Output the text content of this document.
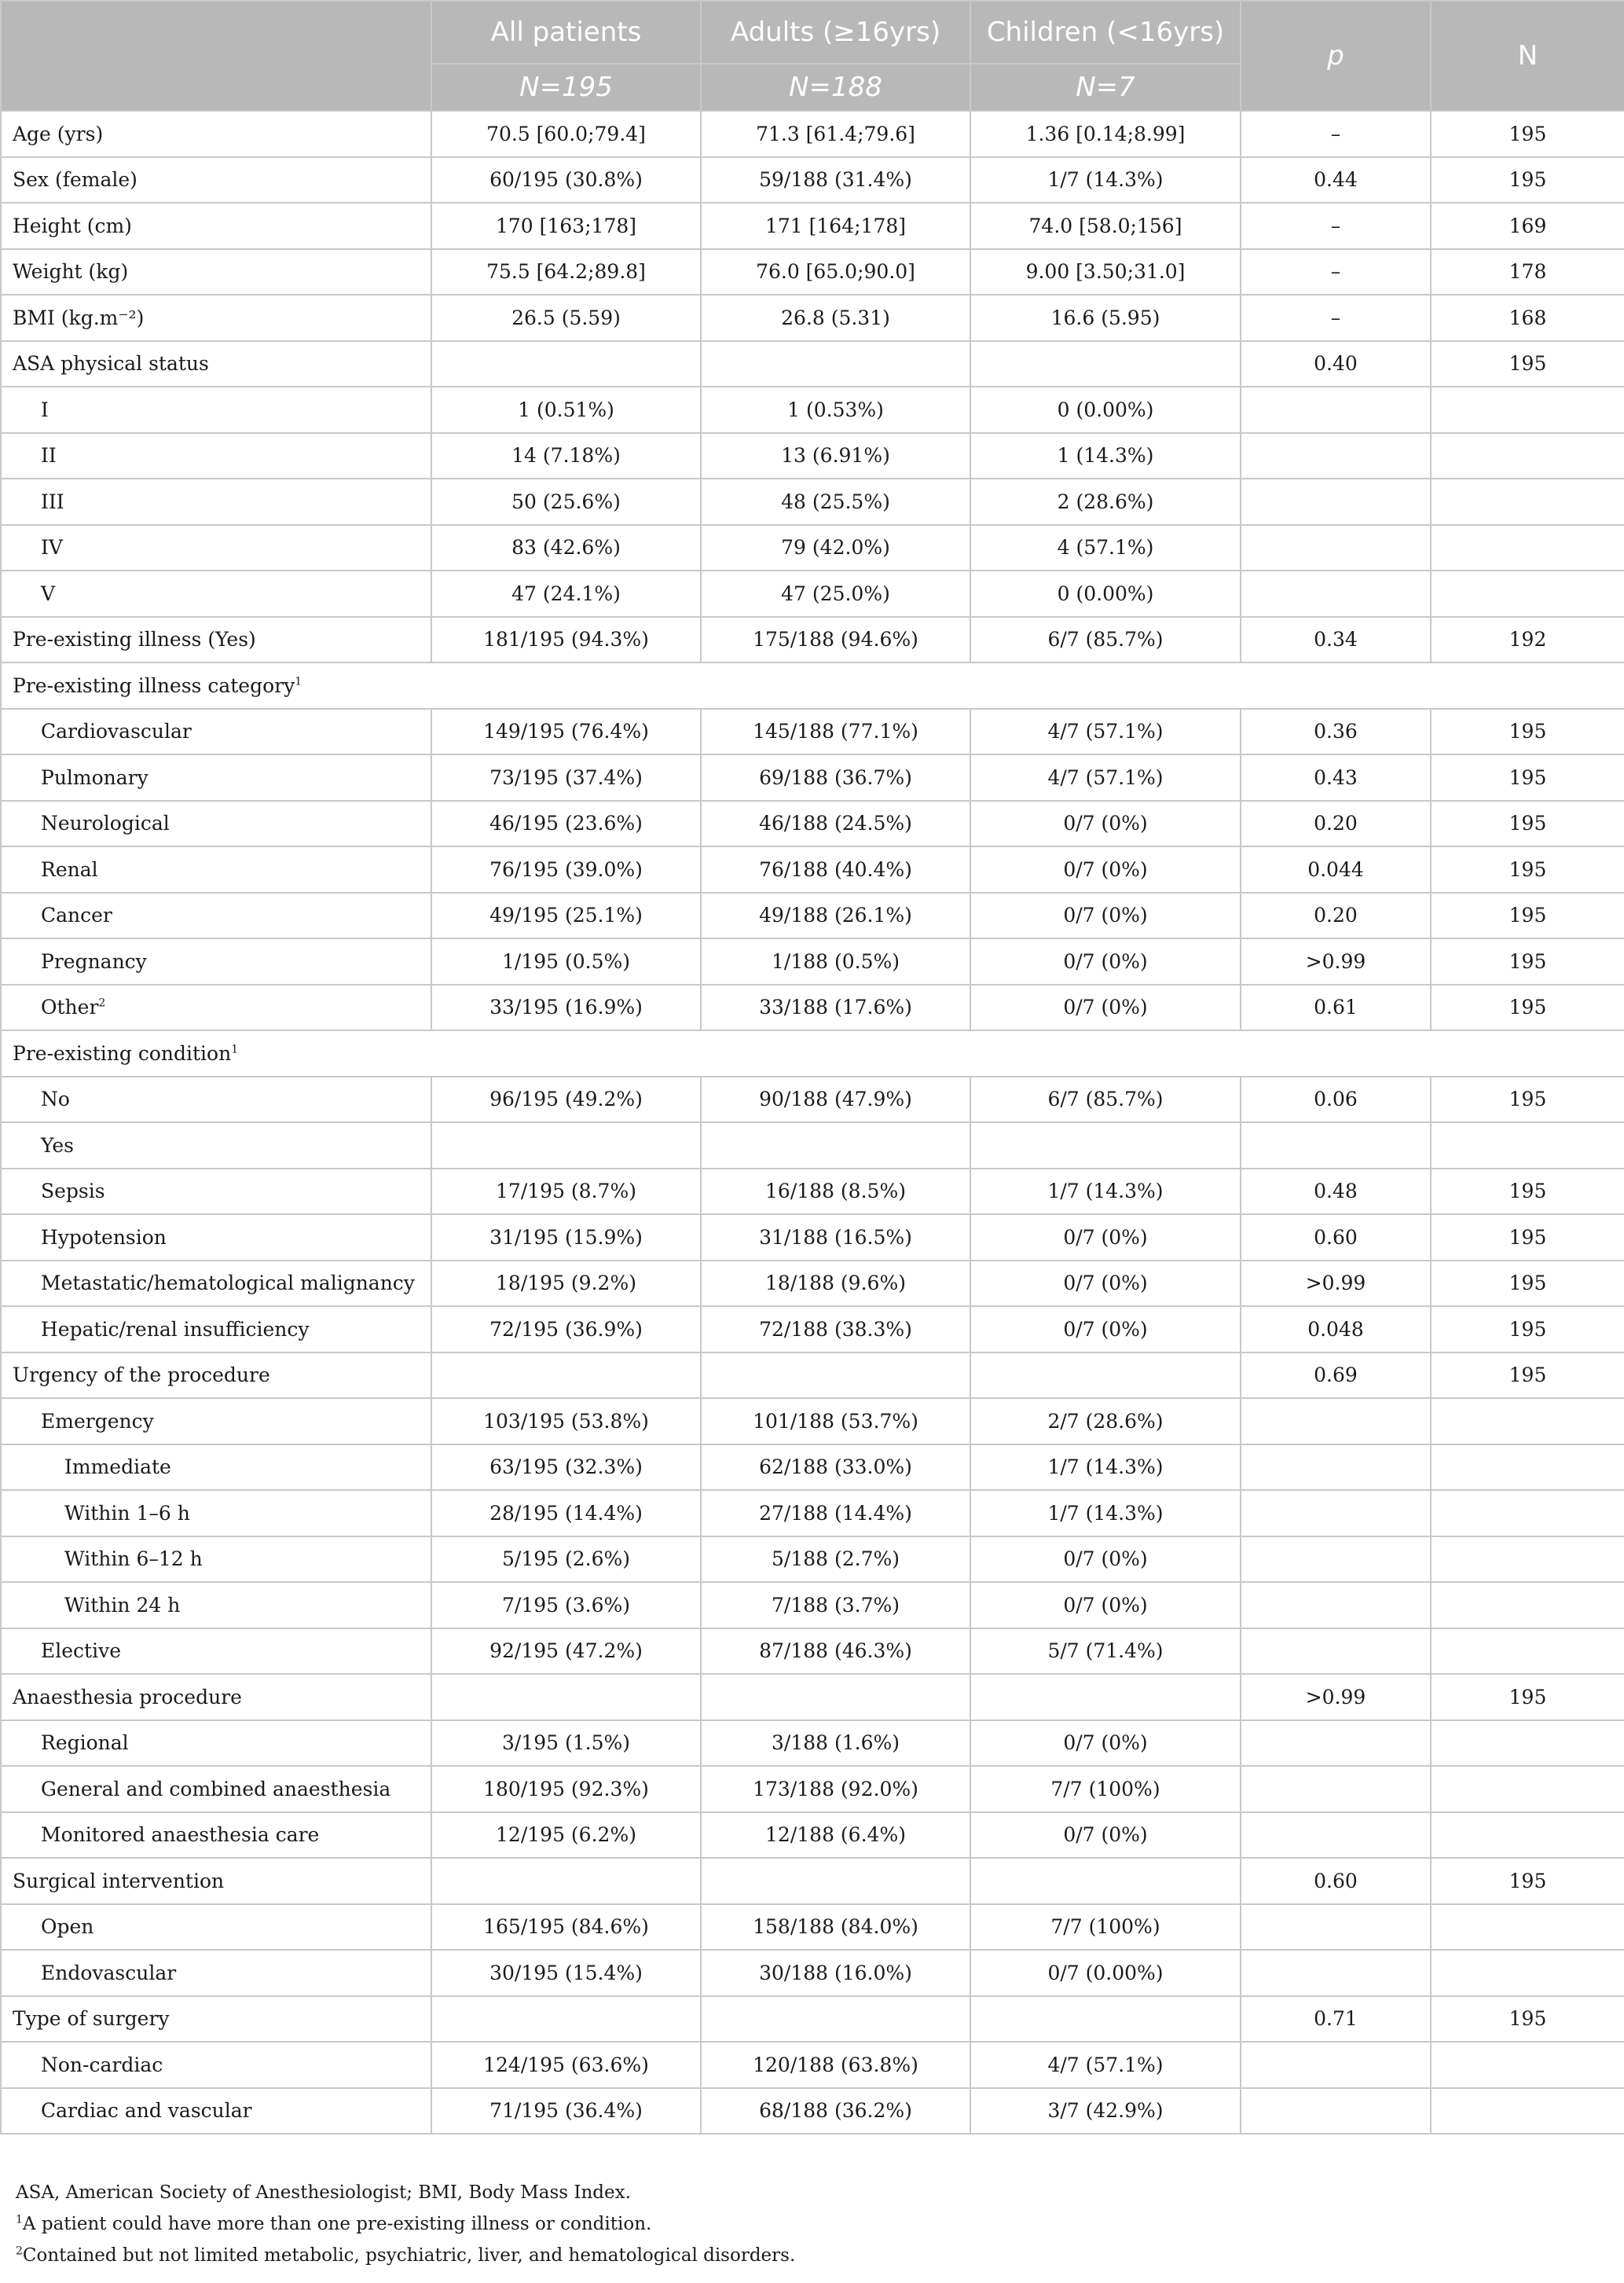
	All patients	Adults (≥16yrs)	Children (<16yrs)	p	N
	N=195	N=188	N=7		
Age (yrs)	70.5 [60.0;79.4]	71.3 [61.4;79.6]	1.36 [0.14;8.99]	–	195
Sex (female)	60/195 (30.8%)	59/188 (31.4%)	1/7 (14.3%)	0.44	195
Height (cm)	170 [163;178]	171 [164;178]	74.0 [58.0;156]	–	169
Weight (kg)	75.5 [64.2;89.8]	76.0 [65.0;90.0]	9.00 [3.50;31.0]	–	178
BMI (kg.m⁻²)	26.5 (5.59)	26.8 (5.31)	16.6 (5.95)	–	168
ASA physical status				0.40	195
I	1 (0.51%)	1 (0.53%)	0 (0.00%)		
II	14 (7.18%)	13 (6.91%)	1 (14.3%)		
III	50 (25.6%)	48 (25.5%)	2 (28.6%)		
IV	83 (42.6%)	79 (42.0%)	4 (57.1%)		
V	47 (24.1%)	47 (25.0%)	0 (0.00%)		
Pre-existing illness (Yes)	181/195 (94.3%)	175/188 (94.6%)	6/7 (85.7%)	0.34	192
Pre-existing illness category$^1$
Cardiovascular	149/195 (76.4%)	145/188 (77.1%)	4/7 (57.1%)	0.36	195
Pulmonary	73/195 (37.4%)	69/188 (36.7%)	4/7 (57.1%)	0.43	195
Neurological	46/195 (23.6%)	46/188 (24.5%)	0/7 (0%)	0.20	195
Renal	76/195 (39.0%)	76/188 (40.4%)	0/7 (0%)	0.044	195
Cancer	49/195 (25.1%)	49/188 (26.1%)	0/7 (0%)	0.20	195
Pregnancy	1/195 (0.5%)	1/188 (0.5%)	0/7 (0%)	>0.99	195
Other$^2$	33/195 (16.9%)	33/188 (17.6%)	0/7 (0%)	0.61	195
Pre-existing condition$^1$
No	96/195 (49.2%)	90/188 (47.9%)	6/7 (85.7%)	0.06	195
Yes					
Sepsis	17/195 (8.7%)	16/188 (8.5%)	1/7 (14.3%)	0.48	195
Hypotension	31/195 (15.9%)	31/188 (16.5%)	0/7 (0%)	0.60	195
Metastatic/hematological malignancy	18/195 (9.2%)	18/188 (9.6%)	0/7 (0%)	>0.99	195
Hepatic/renal insufficiency	72/195 (36.9%)	72/188 (38.3%)	0/7 (0%)	0.048	195
Urgency of the procedure				0.69	195
Emergency	103/195 (53.8%)	101/188 (53.7%)	2/7 (28.6%)		
Immediate	63/195 (32.3%)	62/188 (33.0%)	1/7 (14.3%)		
Within 1–6 h	28/195 (14.4%)	27/188 (14.4%)	1/7 (14.3%)		
Within 6–12 h	5/195 (2.6%)	5/188 (2.7%)	0/7 (0%)		
Within 24 h	7/195 (3.6%)	7/188 (3.7%)	0/7 (0%)		
Elective	92/195 (47.2%)	87/188 (46.3%)	5/7 (71.4%)		
Anaesthesia procedure				>0.99	195
Regional	3/195 (1.5%)	3/188 (1.6%)	0/7 (0%)		
General and combined anaesthesia	180/195 (92.3%)	173/188 (92.0%)	7/7 (100%)		
Monitored anaesthesia care	12/195 (6.2%)	12/188 (6.4%)	0/7 (0%)		
Surgical intervention				0.60	195
Open	165/195 (84.6%)	158/188 (84.0%)	7/7 (100%)		
Endovascular	30/195 (15.4%)	30/188 (16.0%)	0/7 (0.00%)		
Type of surgery				0.71	195
Non-cardiac	124/195 (63.6%)	120/188 (63.8%)	4/7 (57.1%)		
Cardiac and vascular	71/195 (36.4%)	68/188 (36.2%)	3/7 (42.9%)		
ASA, American Society of Anesthesiologist; BMI, Body Mass Index.
$^1$A patient could have more than one pre-existing illness or condition.
$^2$Contained but not limited metabolic, psychiatric, liver, and hematological disorders.
